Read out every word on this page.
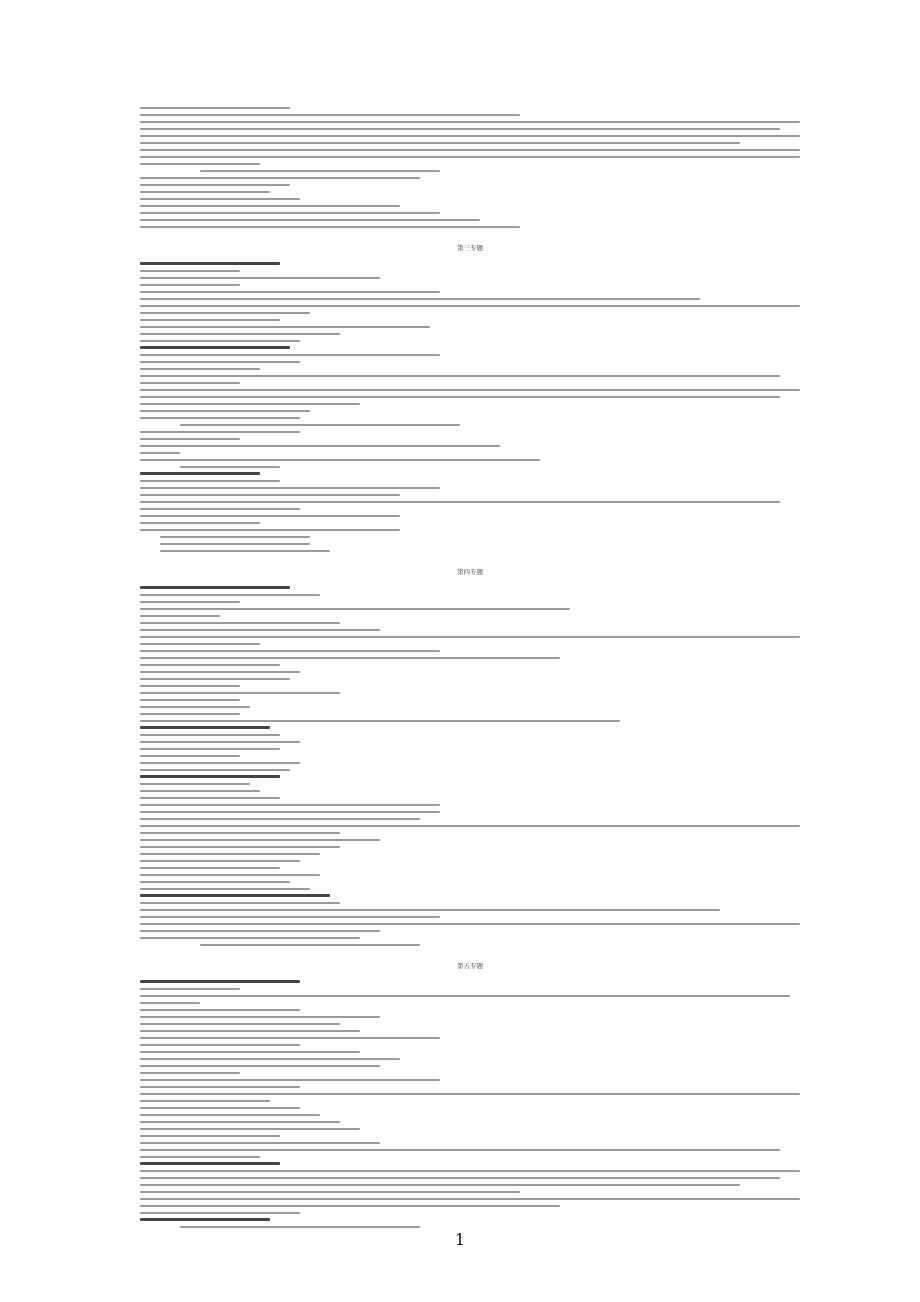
第三专题
第四专题
第五专题
1
